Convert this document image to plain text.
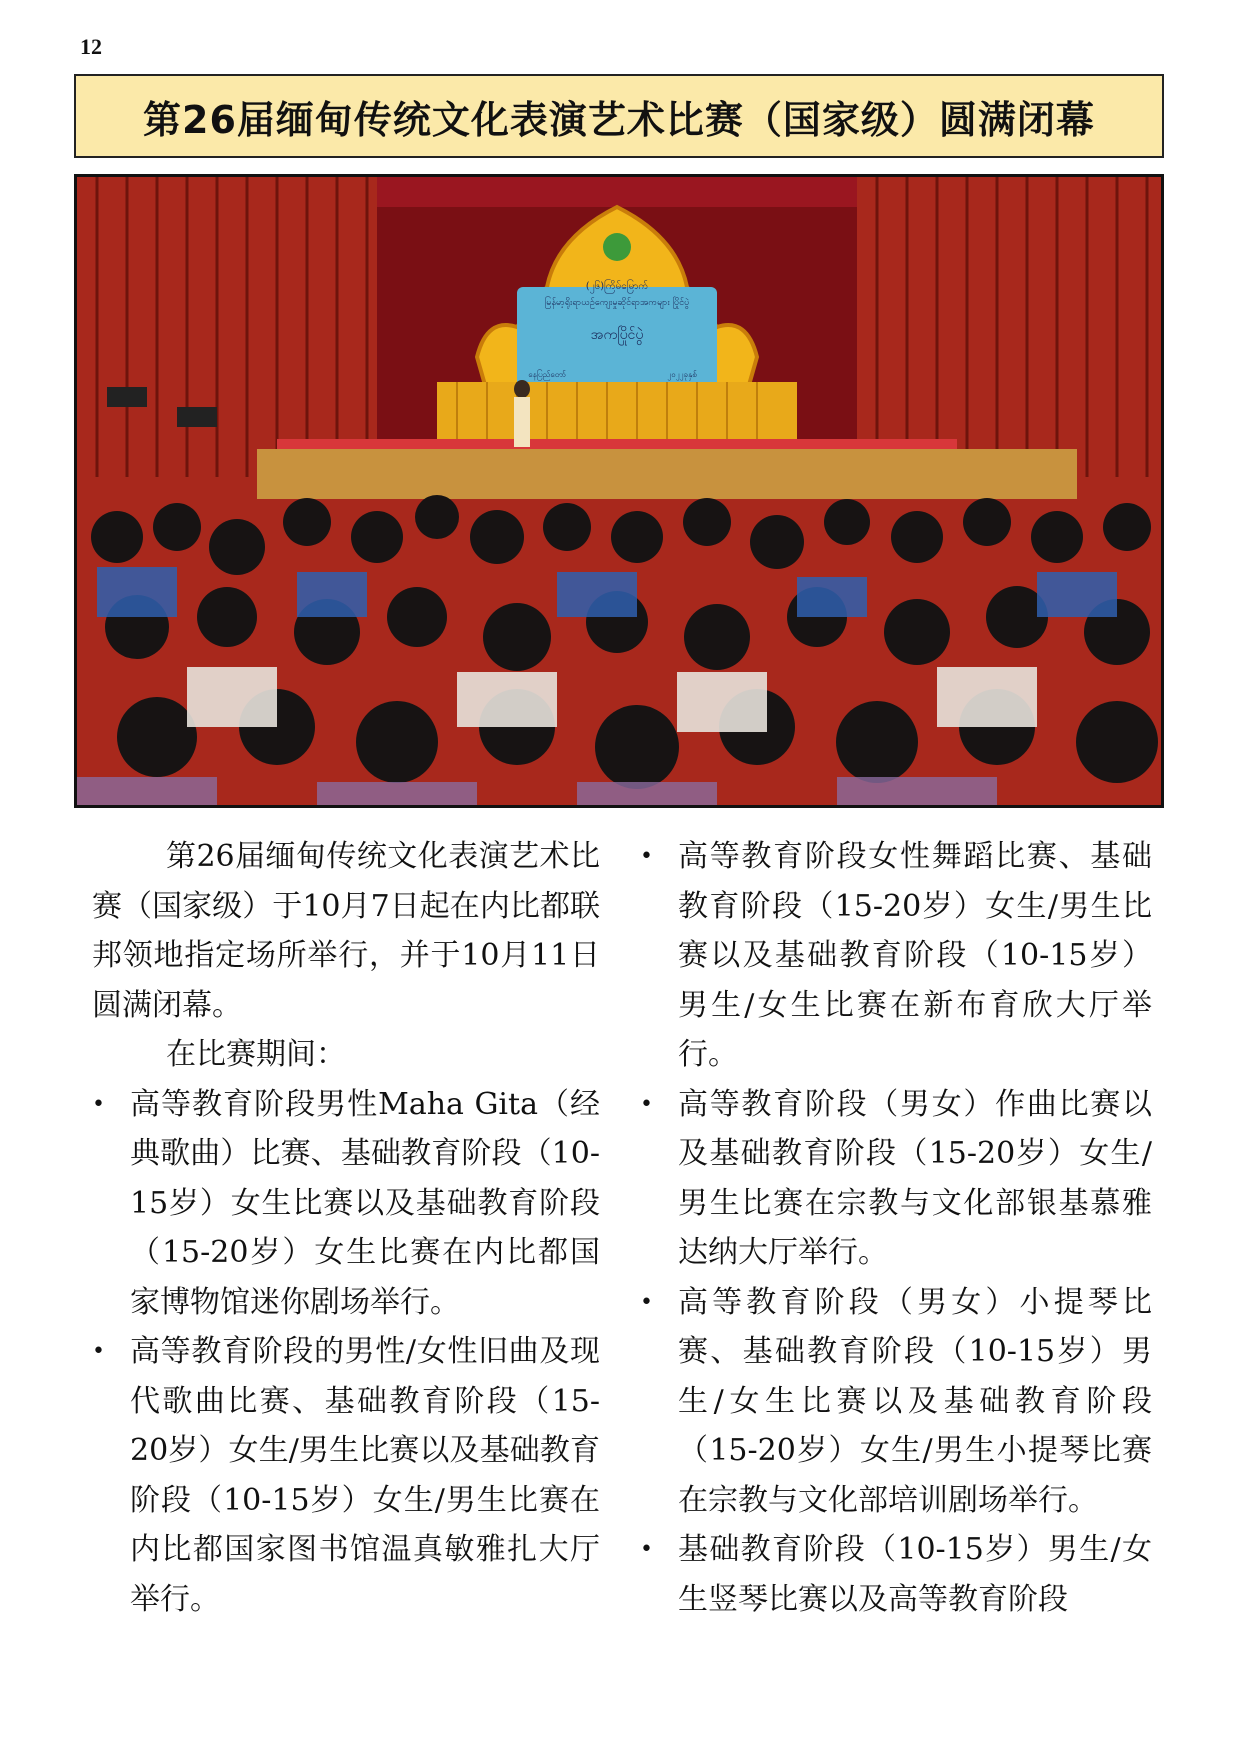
12
第26届缅甸传统文化表演艺术比赛（国家级）圆满闭幕
(၂၆)ကြိမ်မြောက်
မြန်မာ့ရိုးရာယဉ်ကျေးမှုဆိုင်ရာအကများ ပြိုင်ပွဲ
အကပြိုင်ပွဲ
နေပြည်တော်	၂၀၂၂ခုနှစ်

第26届缅甸传统文化表演艺术比赛（国家级）于10月7日起在内比都联邦领地指定场所举行，并于10月11日圆满闭幕。

在比赛期间：

• 高等教育阶段男性Maha Gita（经典歌曲）比赛、基础教育阶段（10-15岁）女生比赛以及基础教育阶段（15-20岁）女生比赛在内比都国家博物馆迷你剧场举行。
• 高等教育阶段的男性/女性旧曲及现代歌曲比赛、基础教育阶段（15-20岁）女生/男生比赛以及基础教育阶段（10-15岁）女生/男生比赛在内比都国家图书馆温真敏雅扎大厅举行。
• 高等教育阶段女性舞蹈比赛、基础教育阶段（15-20岁）女生/男生比赛以及基础教育阶段（10-15岁）男生/女生比赛在新布育欣大厅举行。
• 高等教育阶段（男女）作曲比赛以及基础教育阶段（15-20岁）女生/男生比赛在宗教与文化部银基慕雅达纳大厅举行。
• 高等教育阶段（男女）小提琴比赛、基础教育阶段（10-15岁）男生/女生比赛以及基础教育阶段（15-20岁）女生/男生小提琴比赛在宗教与文化部培训剧场举行。
• 基础教育阶段（10-15岁）男生/女生竖琴比赛以及高等教育阶段
